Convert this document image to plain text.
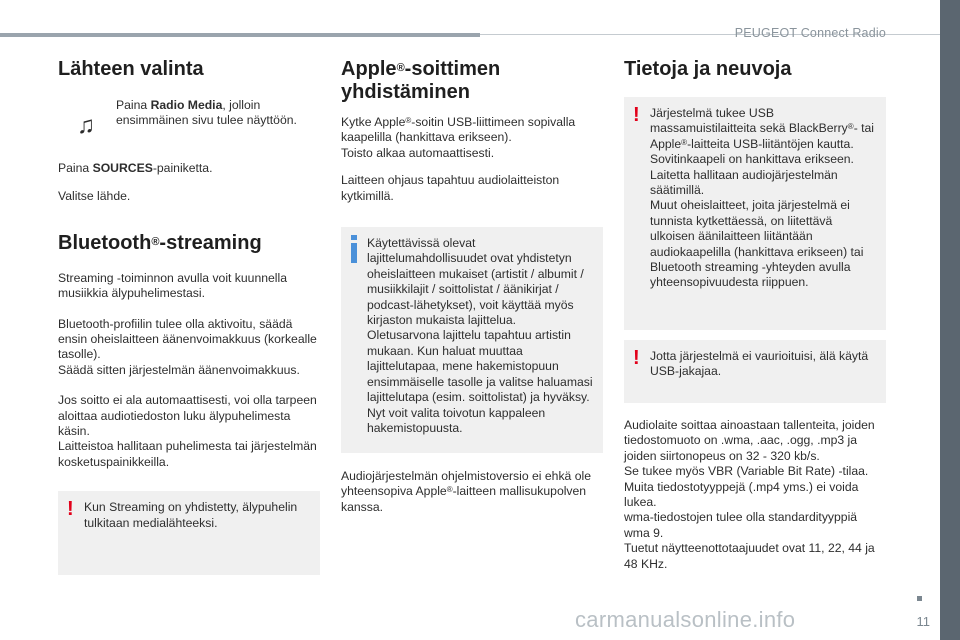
PEUGEOT Connect Radio
11
carmanualsonline.info
Lähteen valinta
♫

Paina Radio Media, jolloin ensimmäinen sivu tulee näyttöön.

Paina SOURCES-painiketta.

Valitse lähde.

Bluetooth®-streaming

Streaming -toiminnon avulla voit kuunnella musiikkia älypuhelimestasi.

Bluetooth-profiilin tulee olla aktivoitu, säädä ensin oheislaitteen äänenvoimakkuus (korkealle tasolle).
Säädä sitten järjestelmän äänenvoimakkuus.

Jos soitto ei ala automaattisesti, voi olla tarpeen aloittaa audiotiedoston luku älypuhelimesta käsin.
Laitteistoa hallitaan puhelimesta tai järjestelmän kosketuspainikkeilla.

! Kun Streaming on yhdistetty, älypuhelin tulkitaan medialähteeksi.

Apple®-soittimen yhdistäminen

Kytke Apple®-soitin USB-liittimeen sopivalla kaapelilla (hankittava erikseen).
Toisto alkaa automaattisesti.

Laitteen ohjaus tapahtuu audiolaitteiston kytkimillä.

Käytettävissä olevat lajittelumahdollisuudet ovat yhdistetyn oheislaitteen mukaiset (artistit / albumit / musiikkilajit / soittolistat / äänikirjat / podcast-lähetykset), voit käyttää myös kirjaston mukaista lajittelua.
Oletusarvona lajittelu tapahtuu artistin mukaan. Kun haluat muuttaa lajittelutapaa, mene hakemistopuun ensimmäiselle tasolle ja valitse haluamasi lajittelutapa (esim. soittolistat) ja hyväksy. Nyt voit valita toivotun kappaleen hakemistopuusta.

Audiojärjestelmän ohjelmistoversio ei ehkä ole yhteensopiva Apple®-laitteen mallisukupolven kanssa.

Tietoja ja neuvoja
! Järjestelmä tukee USB massamuistilaitteita sekä BlackBerry®- tai Apple®-laitteita USB-liitäntöjen kautta. Sovitinkaapeli on hankittava erikseen.
Laitetta hallitaan audiojärjestelmän säätimillä.
Muut oheislaitteet, joita järjestelmä ei tunnista kytkettäessä, on liitettävä ulkoisen äänilaitteen liitäntään audiokaapelilla (hankittava erikseen) tai Bluetooth streaming -yhteyden avulla yhteensopivuudesta riippuen.

! Jotta järjestelmä ei vaurioituisi, älä käytä USB-jakajaa.

Audiolaite soittaa ainoastaan tallenteita, joiden tiedostomuoto on .wma, .aac, .ogg, .mp3 ja joiden siirtonopeus on 32 - 320 kb/s.
Se tukee myös VBR (Variable Bit Rate) -tilaa.
Muita tiedostotyyppejä (.mp4 yms.) ei voida lukea.
wma-tiedostojen tulee olla standardityyppiä wma 9.
Tuetut näytteenottotaajuudet ovat 11, 22, 44 ja 48 KHz.
